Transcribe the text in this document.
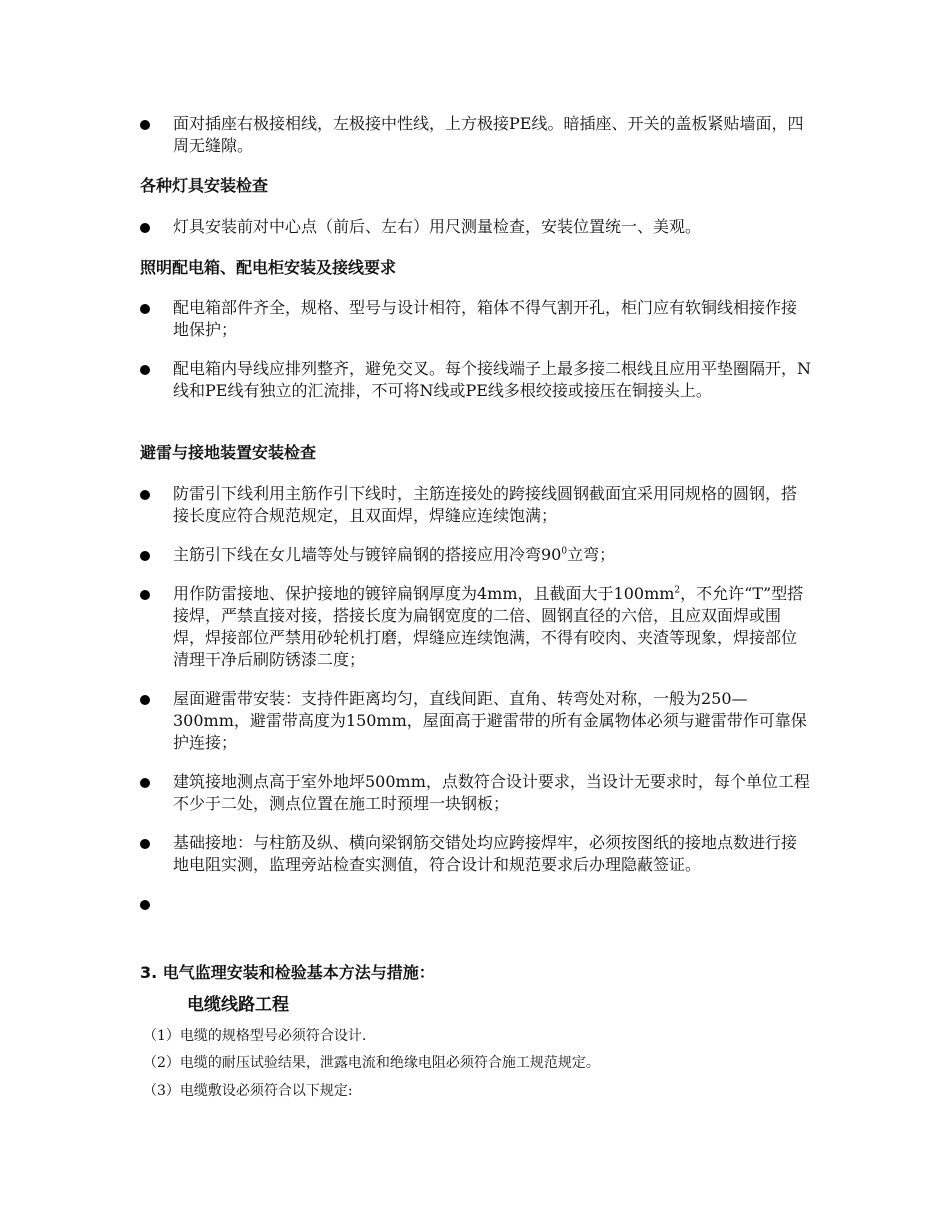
面对插座右极接相线，左极接中性线，上方极接PE线。暗插座、开关的盖板紧贴墙面，四周无缝隙。

各种灯具安装检查

灯具安装前对中心点（前后、左右）用尺测量检查，安装位置统一、美观。

照明配电箱、配电柜安装及接线要求

配电箱部件齐全，规格、型号与设计相符，箱体不得气割开孔，柜门应有软铜线相接作接地保护；

配电箱内导线应排列整齐，避免交叉。每个接线端子上最多接二根线且应用平垫圈隔开，N线和PE线有独立的汇流排，不可将N线或PE线多根绞接或接压在铜接头上。

避雷与接地装置安装检查

防雷引下线利用主筋作引下线时，主筋连接处的跨接线圆钢截面宜采用同规格的圆钢，搭接长度应符合规范规定，且双面焊，焊缝应连续饱满；

主筋引下线在女儿墙等处与镀锌扁钢的搭接应用冷弯$90^0$立弯；

用作防雷接地、保护接地的镀锌扁钢厚度为4mm，且截面大于$100mm^2$，不允许“T”型搭接焊，严禁直接对接，搭接长度为扁钢宽度的二倍、圆钢直径的六倍，且应双面焊或围焊，焊接部位严禁用砂轮机打磨，焊缝应连续饱满，不得有咬肉、夹渣等现象，焊接部位清理干净后刷防锈漆二度；

屋面避雷带安装：支持件距离均匀，直线间距、直角、转弯处对称，一般为250—300mm，避雷带高度为150mm，屋面高于避雷带的所有金属物体必须与避雷带作可靠保护连接；

建筑接地测点高于室外地坪500mm，点数符合设计要求，当设计无要求时，每个单位工程不少于二处，测点位置在施工时预埋一块钢板；

基础接地：与柱筋及纵、横向梁钢筋交错处均应跨接焊牢，必须按图纸的接地点数进行接地电阻实测，监理旁站检查实测值，符合设计和规范要求后办理隐蔽签证。

3. 电气监理安装和检验基本方法与措施：
电缆线路工程
（1）电缆的规格型号必须符合设计.
（2）电缆的耐压试验结果，泄露电流和绝缘电阻必须符合施工规范规定。
（3）电缆敷设必须符合以下规定:
